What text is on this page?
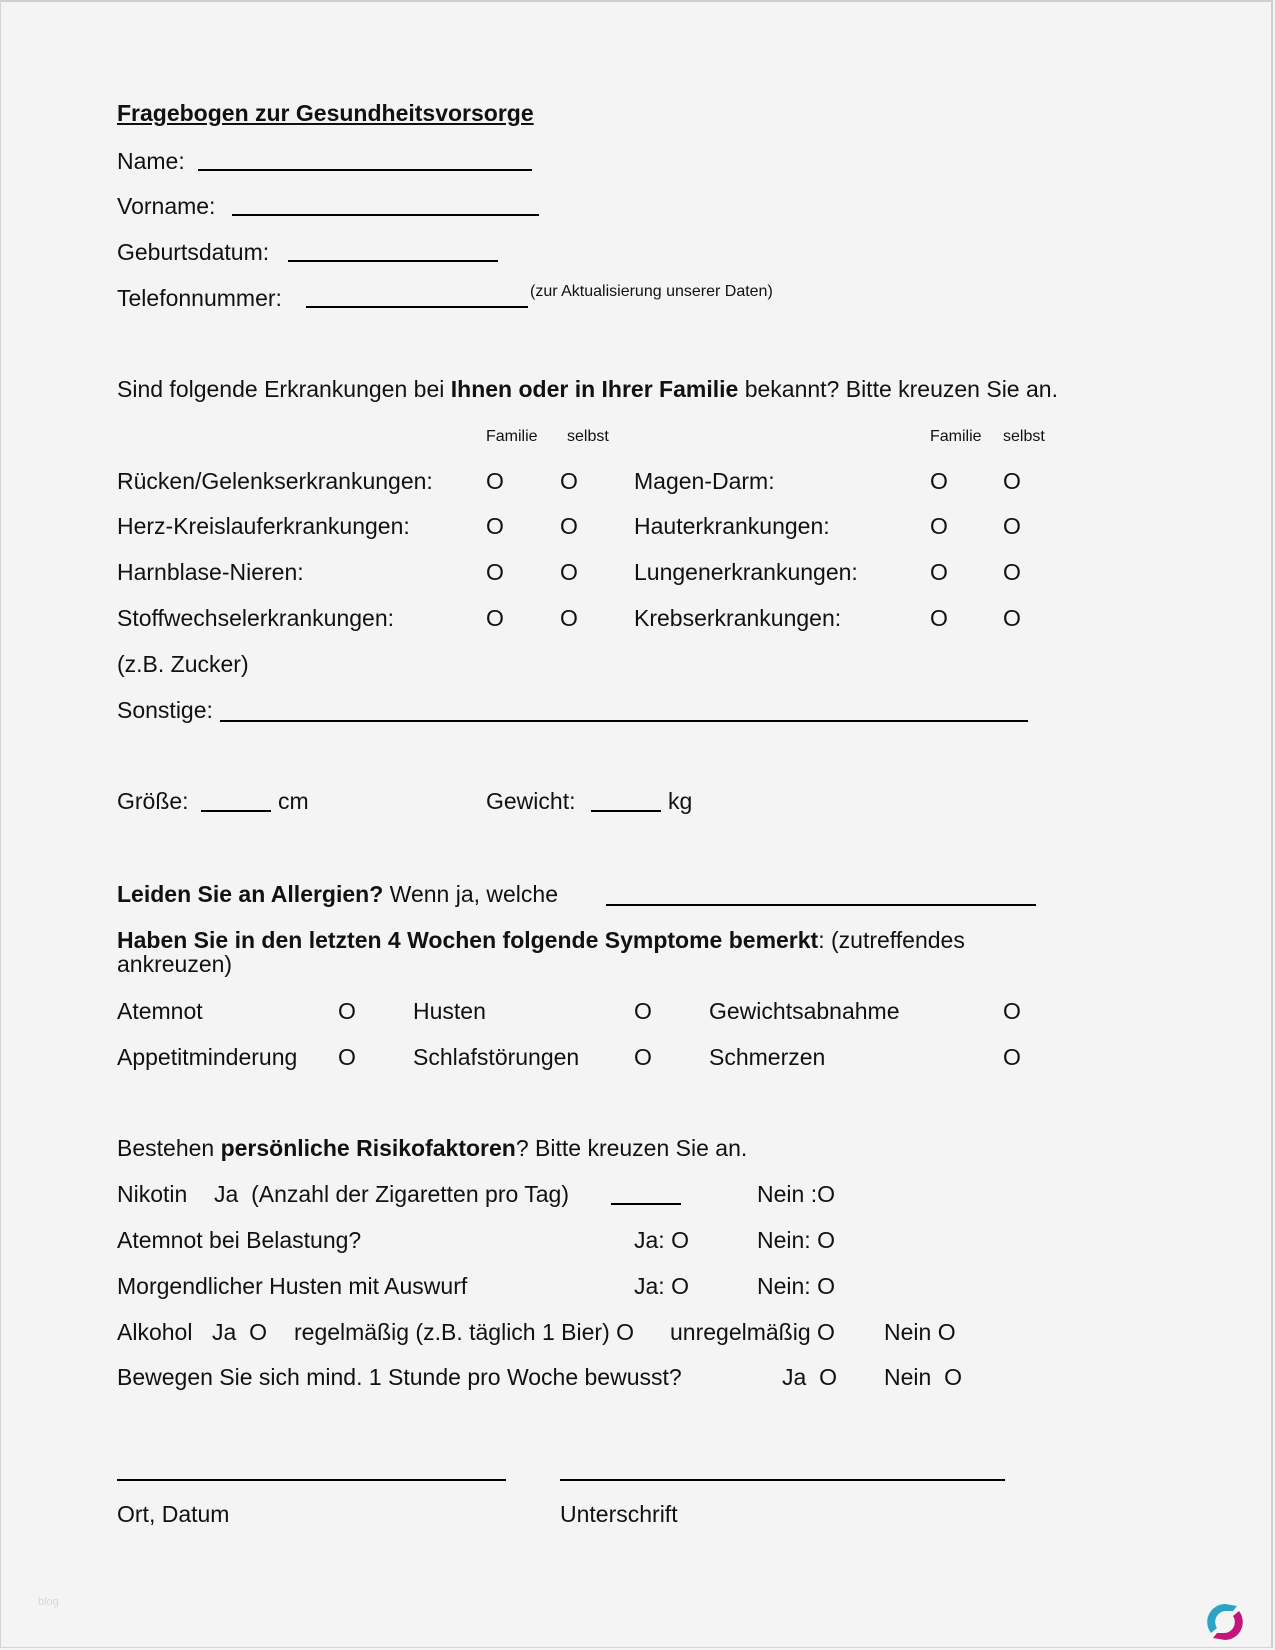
Fragebogen zur Gesundheitsvorsorge
Name:
Vorname:
Geburtsdatum:
Telefonnummer:	(zur Aktualisierung unserer Daten)
Sind folgende Erkrankungen bei Ihnen oder in Ihrer Familie bekannt? Bitte kreuzen Sie an.
Familie selbst	Familie selbst
Rücken/Gelenkserkrankungen: O O Magen-Darm:	O O
Herz-Kreislauferkrankungen:	O O Hauterkrankungen:	O O
Harnblase-Nieren:	O O Lungenerkrankungen:	O O
Stoffwechselerkrankungen:	O O Krebserkrankungen:	O O
(z.B. Zucker)
Sonstige:
Größe:	cm	Gewicht:	kg
Leiden Sie an Allergien? Wenn ja, welche
Haben Sie in den letzten 4 Wochen folgende Symptome bemerkt: (zutreffendes
ankreuzen)
Atemnot	O Husten	O Gewichtsabnahme	O
Appetitminderung O Schlafstörungen O Schmerzen	O
Bestehen persönliche Risikofaktoren? Bitte kreuzen Sie an.
Nikotin Ja  (Anzahl der Zigaretten pro Tag)	Nein :O
Atemnot bei Belastung?	Ja: O	Nein: O
Morgendlicher Husten mit Auswurf	Ja: O	Nein: O
Alkohol Ja  O regelmäßig (z.B. täglich 1 Bier) O unregelmäßig O Nein O
Bewegen Sie sich mind. 1 Stunde pro Woche bewusst?	Ja  O Nein  O
Ort, Datum	Unterschrift
blog
